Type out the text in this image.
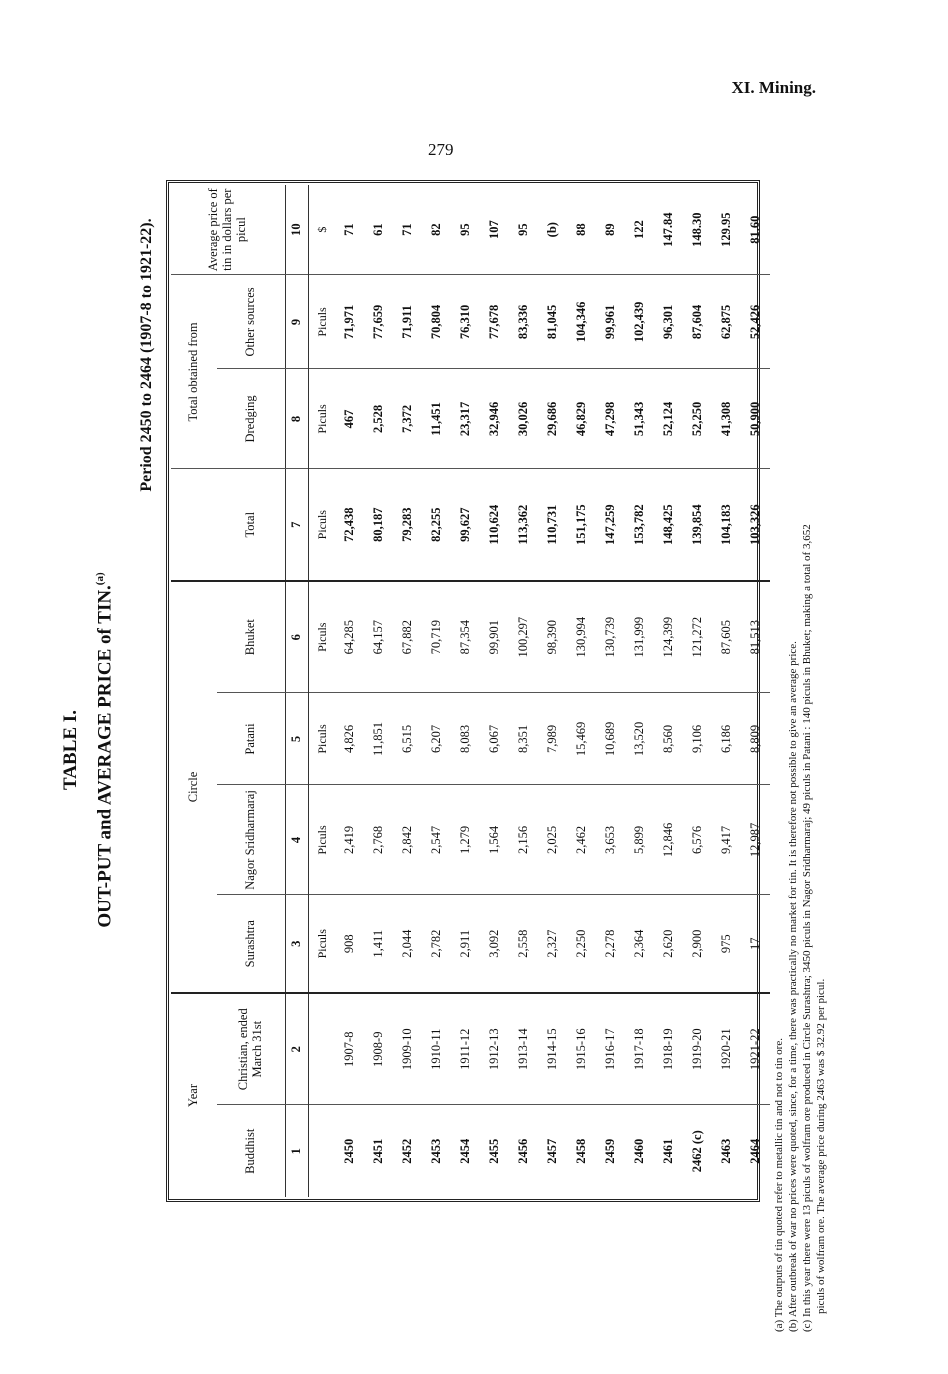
XI. Mining.
279
TABLE I. OUT-PUT and AVERAGE PRICE of TIN.$^{(a)}$
Period 2450 to 2464 (1907-8 to 1921-22).
Year		Circle					Total obtained from		Average price of tin in dollars per picul
Buddhist	Christian, ended March 31st	Surashtra	Nagor Sridharmaraj	Patani	Bhuket	Total	Dredging	Other sources	
1	2	3	4	5	6	7	8	9	10
		Piculs	Piculs	Piculs	Piculs	Piculs	Piculs	Piculs	$
2450	1907-8	908	2,419	4,826	64,285	72,438	467	71,971	71
2451	1908-9	1,411	2,768	11,851	64,157	80,187	2,528	77,659	61
2452	1909-10	2,044	2,842	6,515	67,882	79,283	7,372	71,911	71
2453	1910-11	2,782	2,547	6,207	70,719	82,255	11,451	70,804	82
2454	1911-12	2,911	1,279	8,083	87,354	99,627	23,317	76,310	95
2455	1912-13	3,092	1,564	6,067	99,901	110,624	32,946	77,678	107
2456	1913-14	2,558	2,156	8,351	100,297	113,362	30,026	83,336	95
2457	1914-15	2,327	2,025	7,989	98,390	110,731	29,686	81,045	(b)
2458	1915-16	2,250	2,462	15,469	130,994	151,175	46,829	104,346	88
2459	1916-17	2,278	3,653	10,689	130,739	147,259	47,298	99,961	89
2460	1917-18	2,364	5,899	13,520	131,999	153,782	51,343	102,439	122
2461	1918-19	2,620	12,846	8,560	124,399	148,425	52,124	96,301	147.84
2462 (c)	1919-20	2,900	6,576	9,106	121,272	139,854	52,250	87,604	148.30
2463	1920-21	975	9,417	6,186	87,605	104,183	41,308	62,875	129.95
2464	1921-22	17	12,987	8,809	81,513	103,326	50,900	52,426	81.60
(a) The outputs of tin quoted refer to metallic tin and not to tin ore. (b) After outbreak of war no prices were quoted, since, for a time, there was practically no market for tin. It is therefore not possible to give an average price. (c) In this year there were 13 piculs of wolfram ore produced in Circle Surashtra; 3450 piculs in Nagor Sridharmaraj; 49 piculs in Patani : 140 piculs in Bhuket; making a total of 3,652 piculs of wolfram ore. The average price during 2463 was $ 32.92 per picul.
